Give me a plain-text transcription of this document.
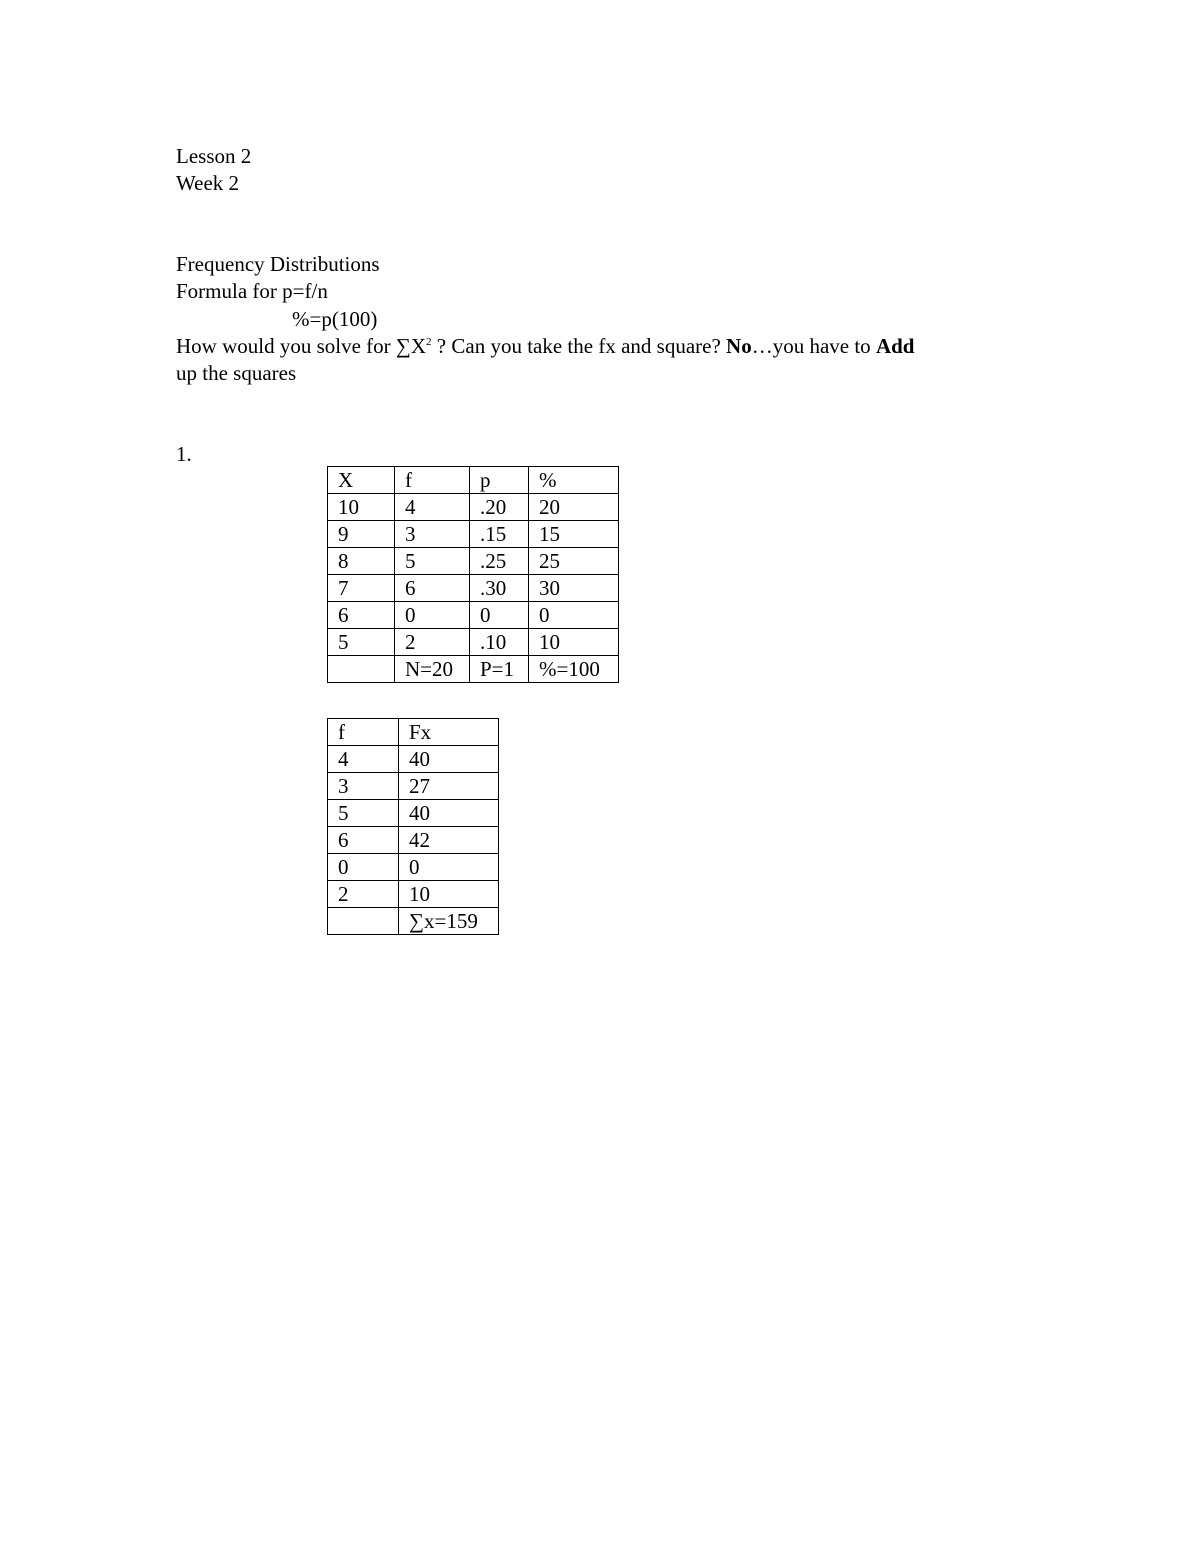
Lesson 2
Week 2
Frequency Distributions
Formula for p=f/n
%=p(100)
How would you solve for $\sum X^2$ ? Can you take the fx and square? No…you have to Add
up the squares
1.
X	f	p	%
10	4	.20	20
9	3	.15	15
8	5	.25	25
7	6	.30	30
6	0	0	0
5	2	.10	10
	N=20	P=1	%=100
f	Fx
4	40
3	27
5	40
6	42
0	0
2	10
	∑x=159
